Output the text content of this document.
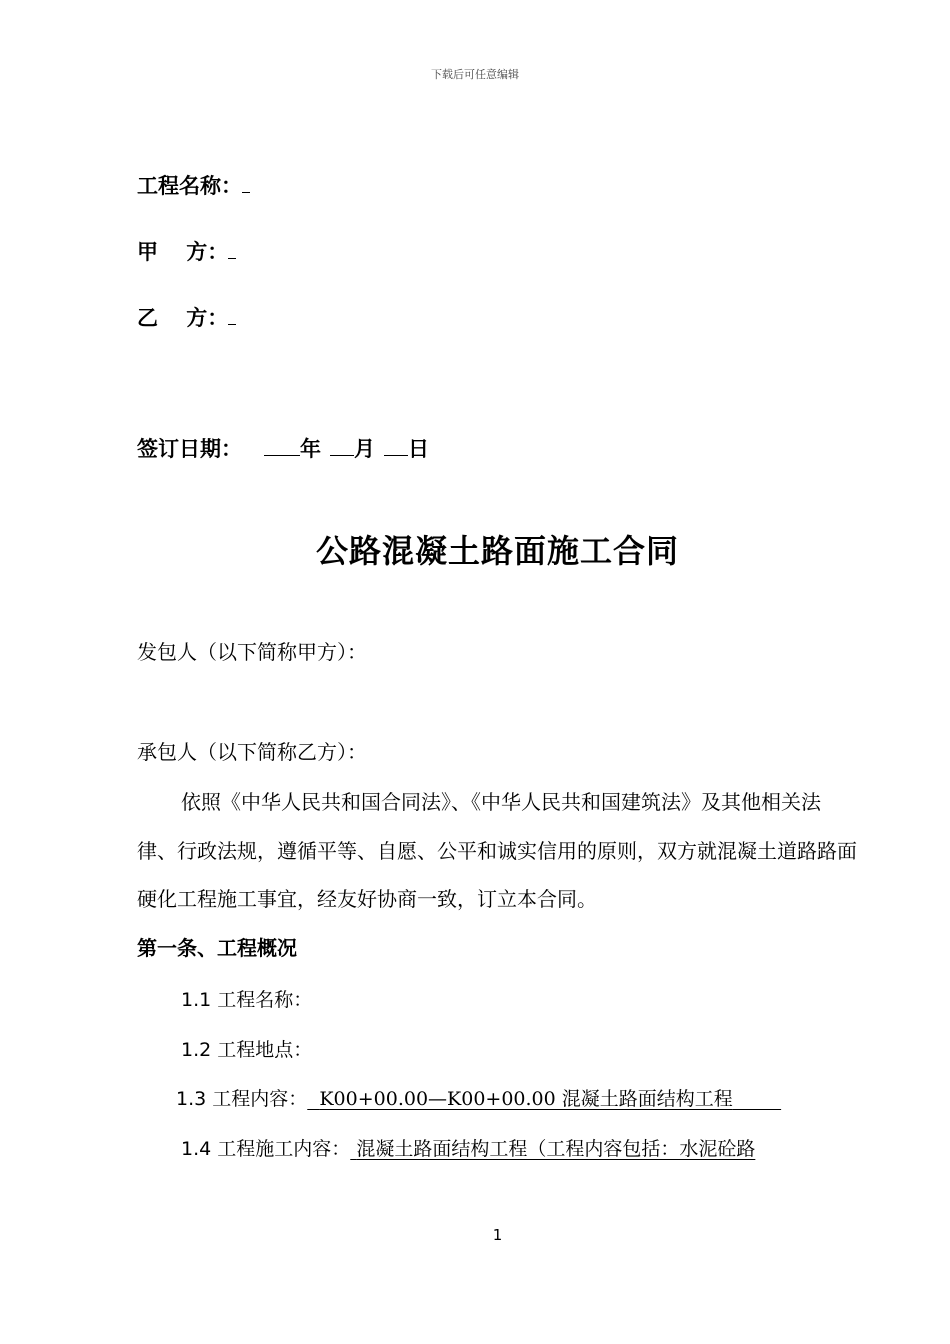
下载后可任意编辑
工程名称：
甲　 方：
乙　 方：
签订日期：	年 月 日
公路混凝土路面施工合同
发包人（以下简称甲方）：
承包人（以下简称乙方）：
依照《中华人民共和国合同法》、《中华人民共和国建筑法》及其他相关法律、行政法规，遵循平等、自愿、公平和诚实信用的原则，双方就混凝土道路路面硬化工程施工事宜，经友好协商一致，订立本合同。
第一条、工程概况
1.1 工程名称：
1.2 工程地点：
1.3 工程内容： K00+00.00—K00+00.00 混凝土路面结构工程
1.4 工程施工内容： 混凝土路面结构工程（工程内容包括：水泥砼路
1
